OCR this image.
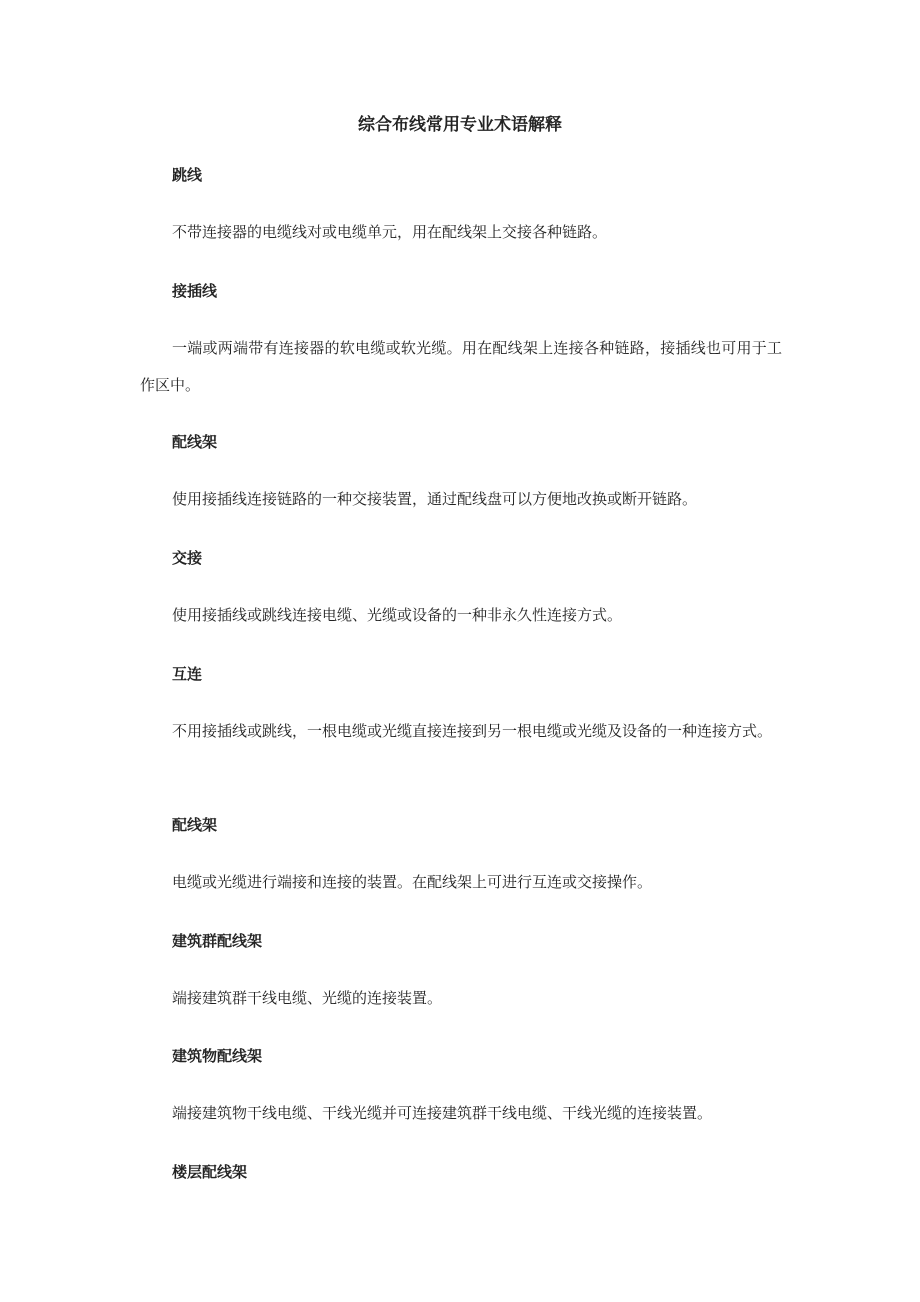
综合布线常用专业术语解释

跳线

不带连接器的电缆线对或电缆单元，用在配线架上交接各种链路。

接插线

一端或两端带有连接器的软电缆或软光缆。用在配线架上连接各种链路，接插线也可用于工作区中。

配线架

使用接插线连接链路的一种交接装置，通过配线盘可以方便地改换或断开链路。

交接

使用接插线或跳线连接电缆、光缆或设备的一种非永久性连接方式。

互连

不用接插线或跳线，一根电缆或光缆直接连接到另一根电缆或光缆及设备的一种连接方式。

配线架

电缆或光缆进行端接和连接的装置。在配线架上可进行互连或交接操作。

建筑群配线架

端接建筑群干线电缆、光缆的连接装置。

建筑物配线架

端接建筑物干线电缆、干线光缆并可连接建筑群干线电缆、干线光缆的连接装置。

楼层配线架
